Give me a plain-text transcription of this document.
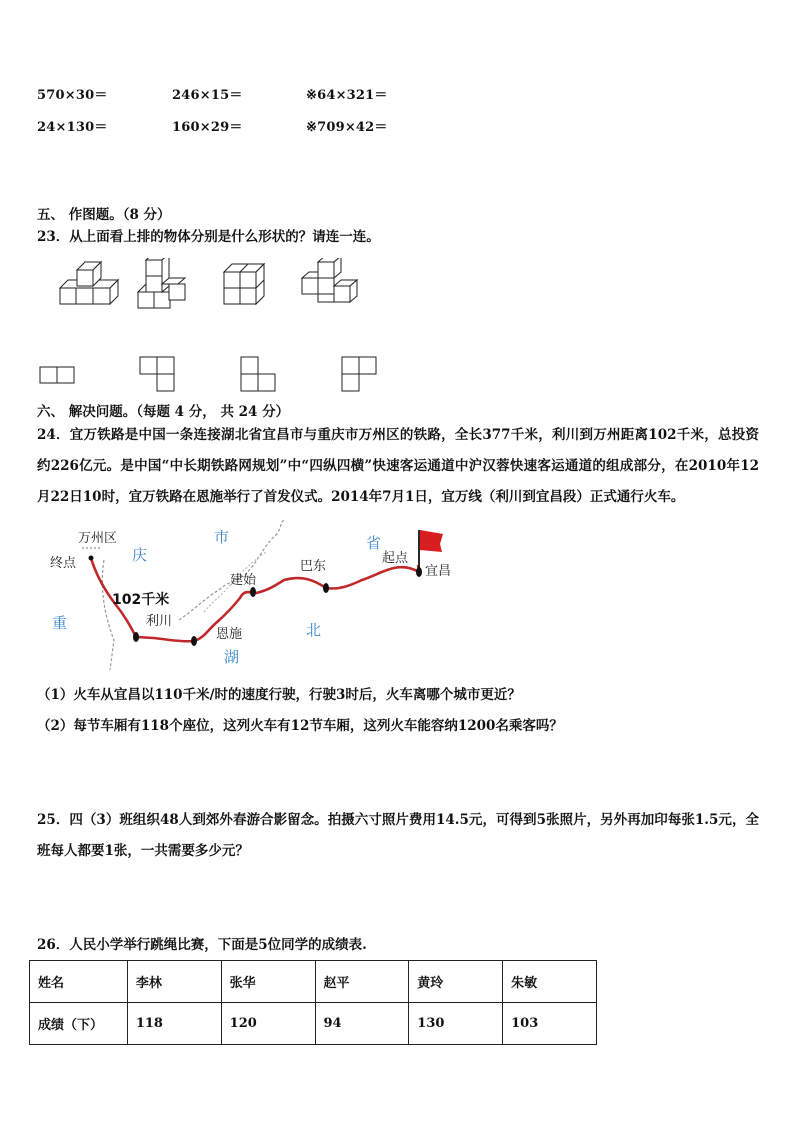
570×30＝	246×15＝	※64×321＝
24×130＝	160×29＝	※709×42＝
五、 作图题。（8 分）
23．从上面看上排的物体分别是什么形状的？请连一连。
六、 解决问题。（每题 4 分， 共 24 分）
24．宜万铁路是中国一条连接湖北省宜昌市与重庆市万州区的铁路，全长377千米，利川到万州距离102千米，总投资约226亿元。是中国“中长期铁路网规划”中“四纵四横”快速客运通道中沪汉蓉快速客运通道的组成部分，在2010年12月22日10时，宜万铁路在恩施举行了首发仪式。2014年7月1日，宜万线（利川到宜昌段）正式通行火车。
万州区
终点	庆
市
102千米
利川
恩施
建始
巴东
省
起点
宜昌
北
湖
重
（1）火车从宜昌以110千米/时的速度行驶，行驶3时后，火车离哪个城市更近？
（2）每节车厢有118个座位，这列火车有12节车厢，这列火车能容纳1200名乘客吗？
25．四（3）班组织48人到郊外春游合影留念。拍摄六寸照片费用14.5元，可得到5张照片，另外再加印每张1.5元，全班每人都要1张，一共需要多少元？
26．人民小学举行跳绳比赛，下面是5位同学的成绩表.
姓名	李林	张华	赵平	黄玲	朱敏
成绩（下）	118	120	94	130	103
